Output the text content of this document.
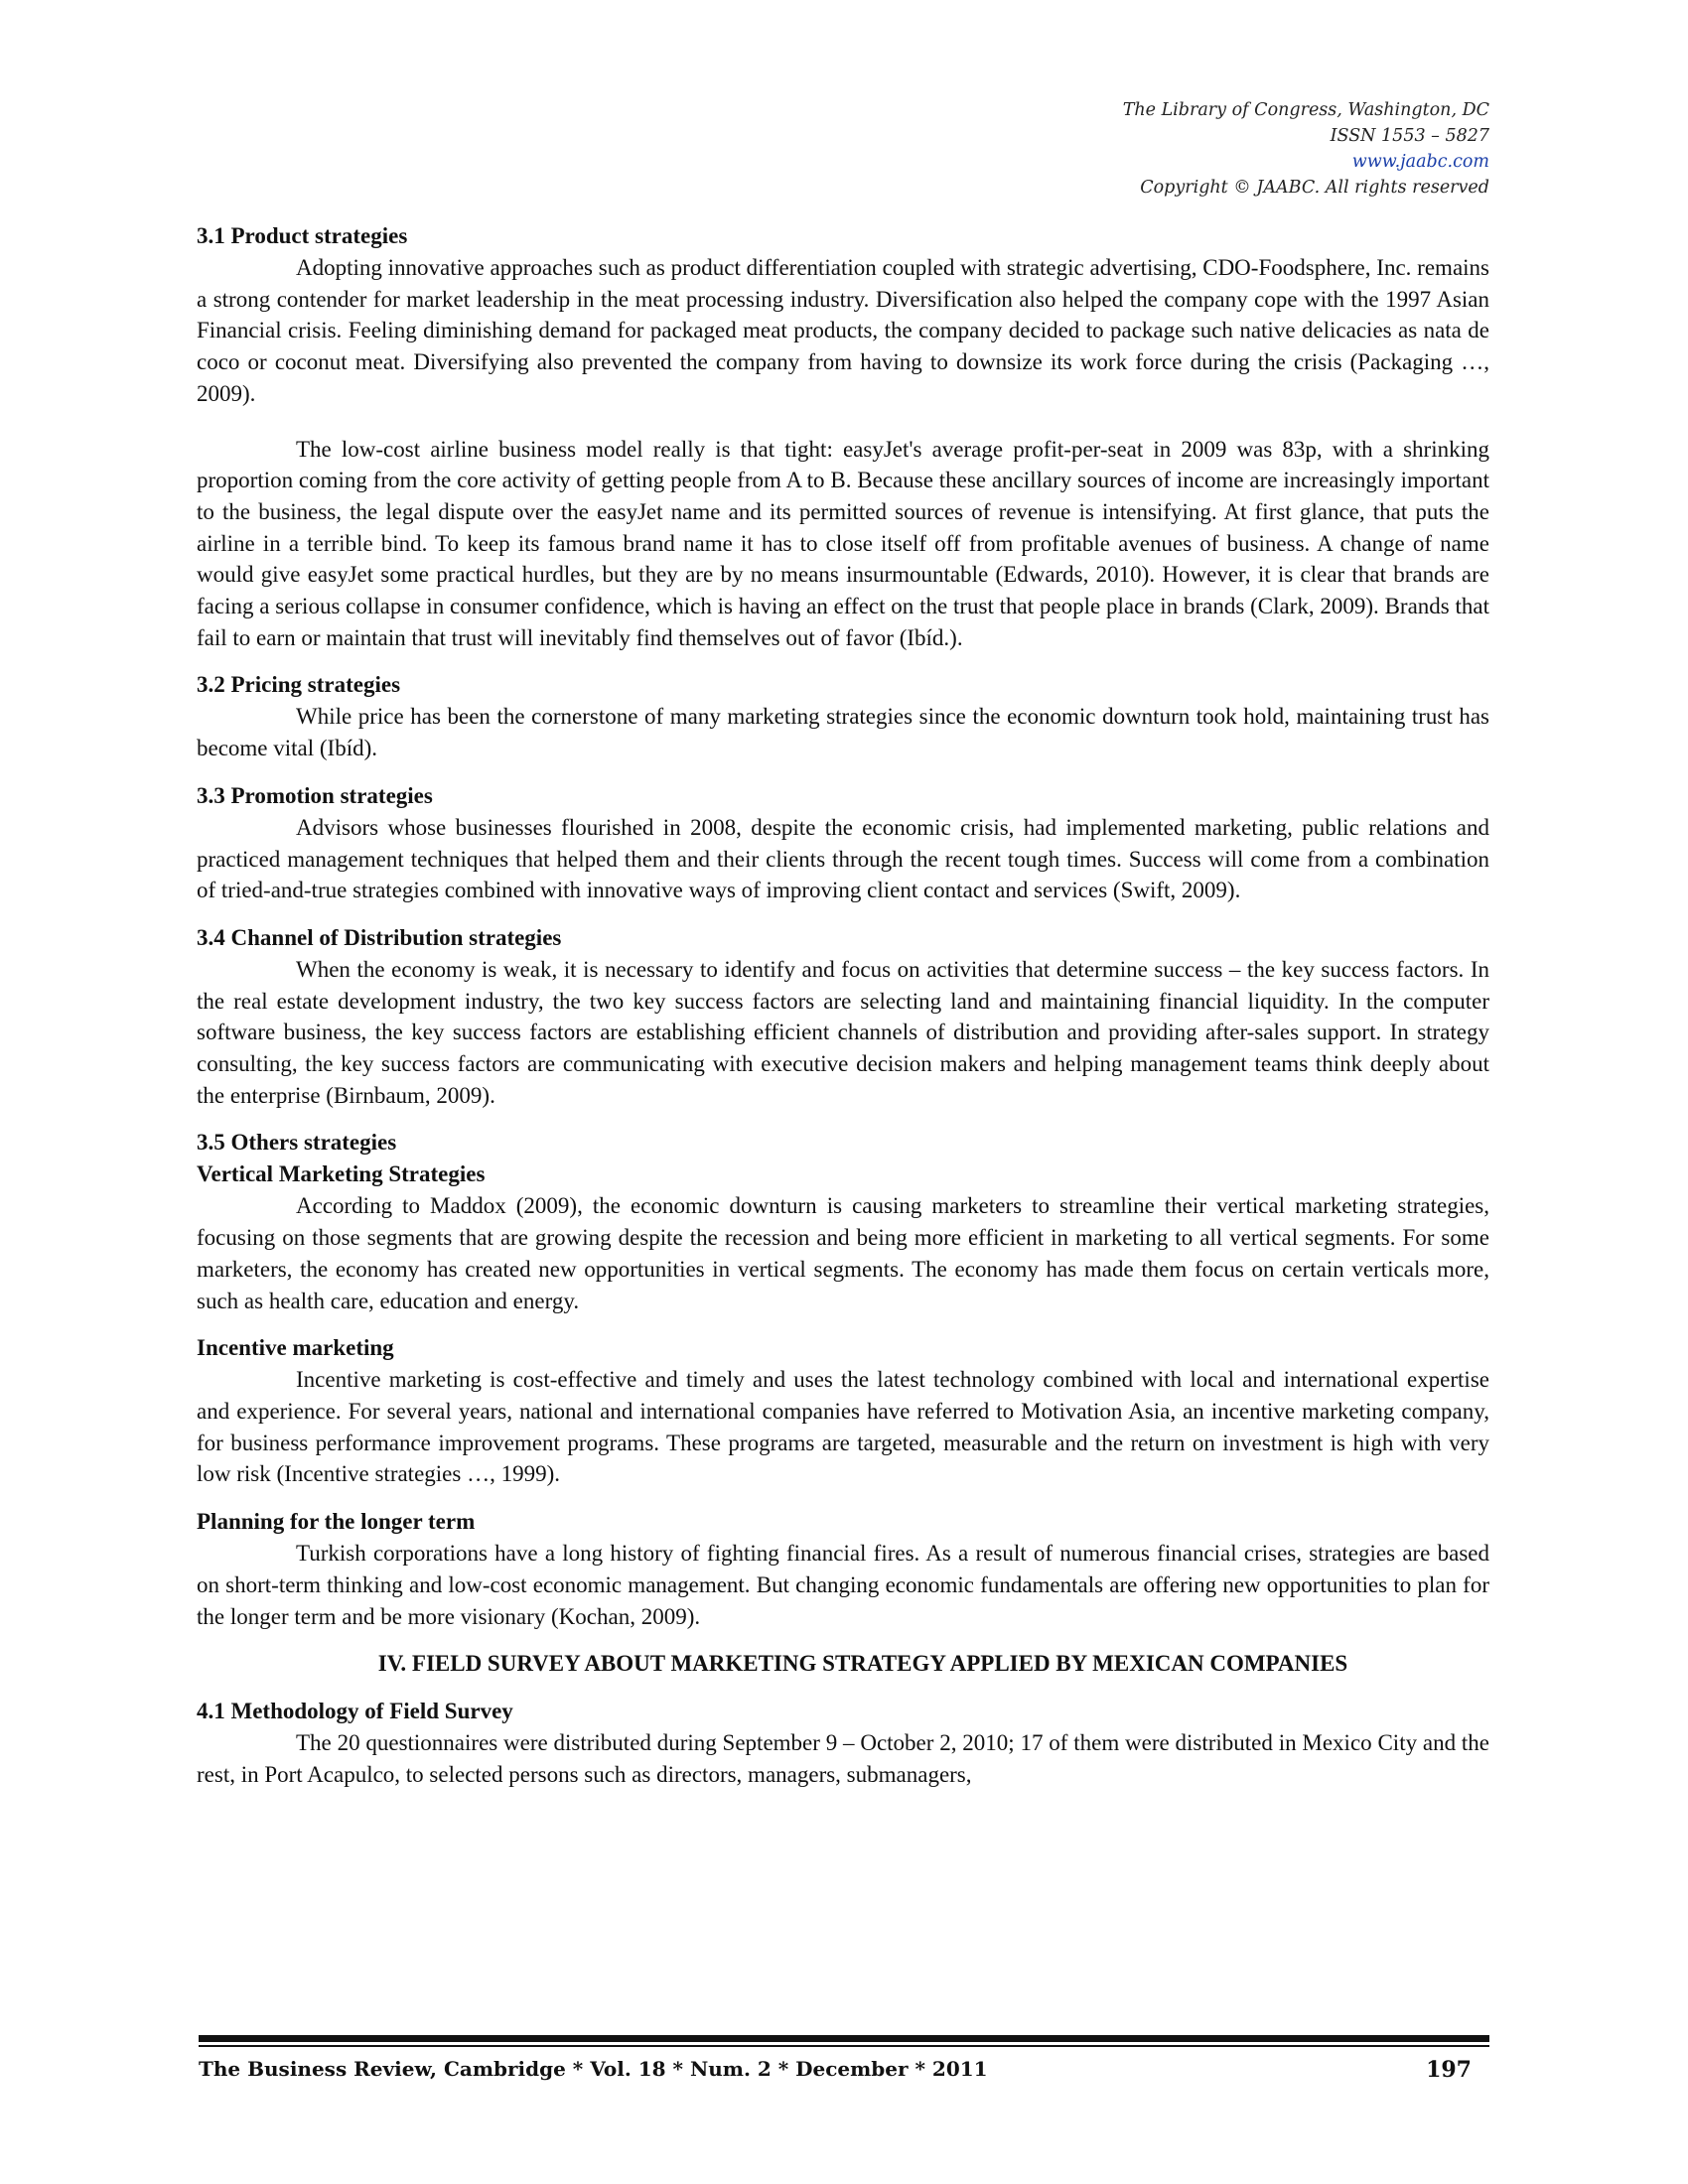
The Library of Congress, Washington, DC
ISSN 1553 – 5827
www.jaabc.com
Copyright © JAABC. All rights reserved
3.1 Product strategies

Adopting innovative approaches such as product differentiation coupled with strategic advertising, CDO-Foodsphere, Inc. remains a strong contender for market leadership in the meat processing industry. Diversification also helped the company cope with the 1997 Asian Financial crisis. Feeling diminishing demand for packaged meat products, the company decided to package such native delicacies as nata de coco or coconut meat. Diversifying also prevented the company from having to downsize its work force during the crisis (Packaging …, 2009).

The low-cost airline business model really is that tight: easyJet's average profit-per-seat in 2009 was 83p, with a shrinking proportion coming from the core activity of getting people from A to B. Because these ancillary sources of income are increasingly important to the business, the legal dispute over the easyJet name and its permitted sources of revenue is intensifying. At first glance, that puts the airline in a terrible bind. To keep its famous brand name it has to close itself off from profitable avenues of business. A change of name would give easyJet some practical hurdles, but they are by no means insurmountable (Edwards, 2010). However, it is clear that brands are facing a serious collapse in consumer confidence, which is having an effect on the trust that people place in brands (Clark, 2009). Brands that fail to earn or maintain that trust will inevitably find themselves out of favor (Ibíd.).

3.2 Pricing strategies

While price has been the cornerstone of many marketing strategies since the economic downturn took hold, maintaining trust has become vital (Ibíd).

3.3 Promotion strategies

Advisors whose businesses flourished in 2008, despite the economic crisis, had implemented marketing, public relations and practiced management techniques that helped them and their clients through the recent tough times. Success will come from a combination of tried-and-true strategies combined with innovative ways of improving client contact and services (Swift, 2009).

3.4 Channel of Distribution strategies

When the economy is weak, it is necessary to identify and focus on activities that determine success – the key success factors. In the real estate development industry, the two key success factors are selecting land and maintaining financial liquidity. In the computer software business, the key success factors are establishing efficient channels of distribution and providing after-sales support. In strategy consulting, the key success factors are communicating with executive decision makers and helping management teams think deeply about the enterprise (Birnbaum, 2009).

3.5 Others strategies
Vertical Marketing Strategies

According to Maddox (2009), the economic downturn is causing marketers to streamline their vertical marketing strategies, focusing on those segments that are growing despite the recession and being more efficient in marketing to all vertical segments. For some marketers, the economy has created new opportunities in vertical segments. The economy has made them focus on certain verticals more, such as health care, education and energy.

Incentive marketing

Incentive marketing is cost-effective and timely and uses the latest technology combined with local and international expertise and experience. For several years, national and international companies have referred to Motivation Asia, an incentive marketing company, for business performance improvement programs. These programs are targeted, measurable and the return on investment is high with very low risk (Incentive strategies …, 1999).

Planning for the longer term

Turkish corporations have a long history of fighting financial fires. As a result of numerous financial crises, strategies are based on short-term thinking and low-cost economic management. But changing economic fundamentals are offering new opportunities to plan for the longer term and be more visionary (Kochan, 2009).

IV. FIELD SURVEY ABOUT MARKETING STRATEGY APPLIED BY MEXICAN COMPANIES
4.1 Methodology of Field Survey

The 20 questionnaires were distributed during September 9 – October 2, 2010; 17 of them were distributed in Mexico City and the rest, in Port Acapulco, to selected persons such as directors, managers, submanagers,

The Business Review, Cambridge * Vol. 18 * Num. 2 * December * 2011	197
